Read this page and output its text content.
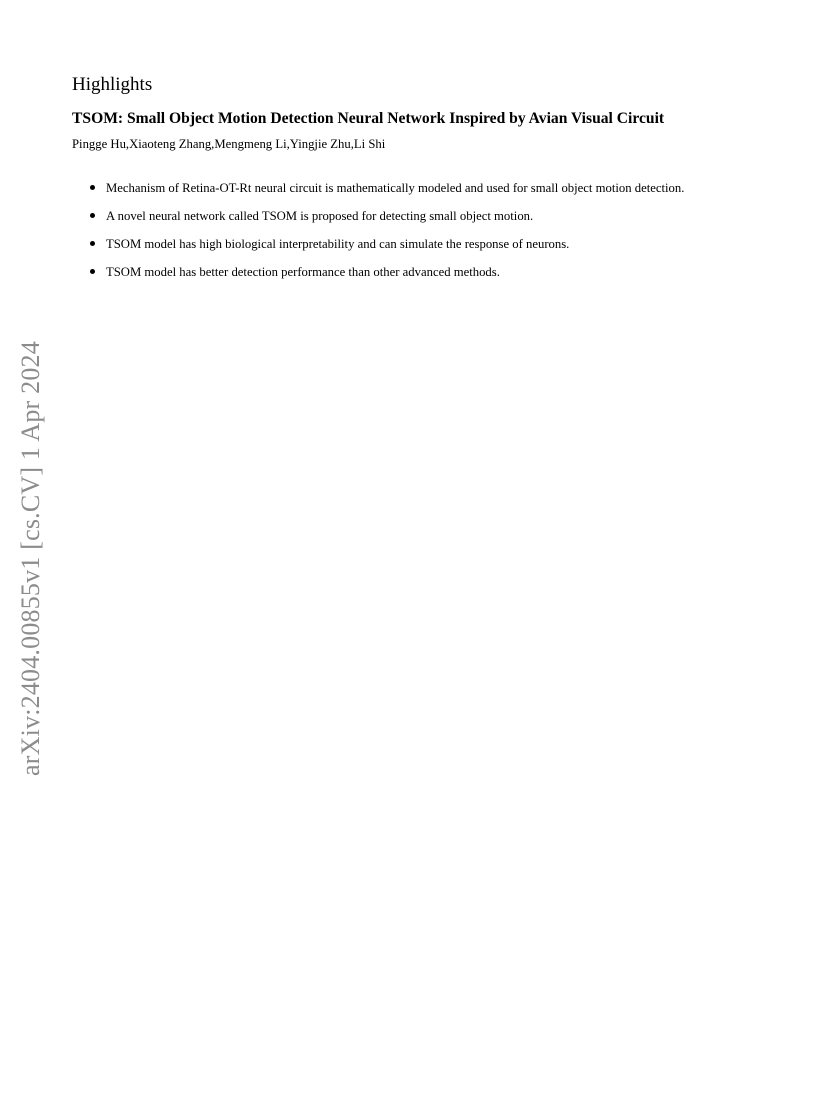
Highlights
TSOM: Small Object Motion Detection Neural Network Inspired by Avian Visual Circuit

Pingge Hu,Xiaoteng Zhang,Mengmeng Li,Yingjie Zhu,Li Shi

Mechanism of Retina-OT-Rt neural circuit is mathematically modeled and used for small object motion detection.
A novel neural network called TSOM is proposed for detecting small object motion.
TSOM model has high biological interpretability and can simulate the response of neurons.
TSOM model has better detection performance than other advanced methods.
arXiv:2404.00855v1 [cs.CV] 1 Apr 2024
